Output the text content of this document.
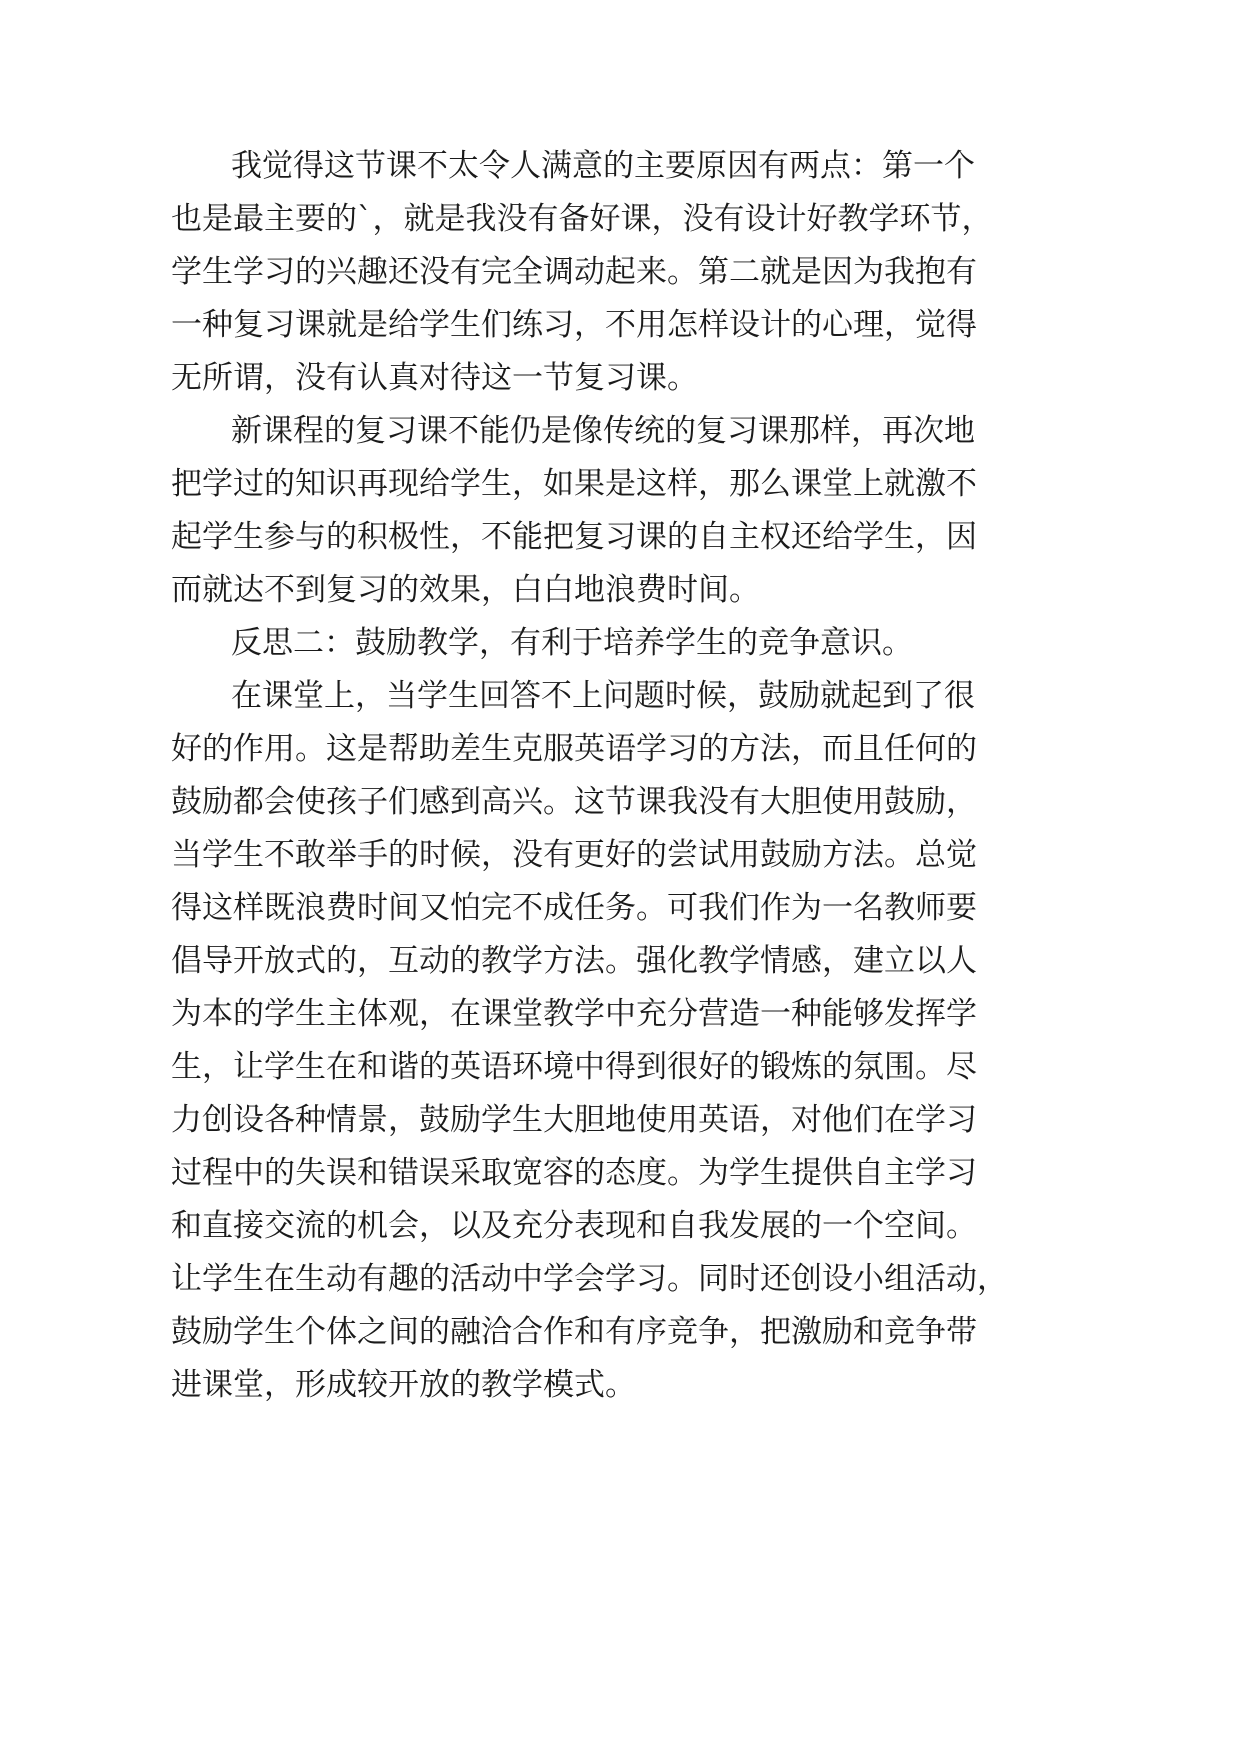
我觉得这节课不太令人满意的主要原因有两点：第一个

也是最主要的`，就是我没有备好课，没有设计好教学环节，

学生学习的兴趣还没有完全调动起来。第二就是因为我抱有

一种复习课就是给学生们练习，不用怎样设计的心理，觉得

无所谓，没有认真对待这一节复习课。

新课程的复习课不能仍是像传统的复习课那样，再次地

把学过的知识再现给学生，如果是这样，那么课堂上就激不

起学生参与的积极性，不能把复习课的自主权还给学生，因

而就达不到复习的效果，白白地浪费时间。

反思二：鼓励教学，有利于培养学生的竞争意识。

在课堂上，当学生回答不上问题时候，鼓励就起到了很

好的作用。这是帮助差生克服英语学习的方法，而且任何的

鼓励都会使孩子们感到高兴。这节课我没有大胆使用鼓励，

当学生不敢举手的时候，没有更好的尝试用鼓励方法。总觉

得这样既浪费时间又怕完不成任务。可我们作为一名教师要

倡导开放式的，互动的教学方法。强化教学情感，建立以人

为本的学生主体观，在课堂教学中充分营造一种能够发挥学

生，让学生在和谐的英语环境中得到很好的锻炼的氛围。尽

力创设各种情景，鼓励学生大胆地使用英语，对他们在学习

过程中的失误和错误采取宽容的态度。为学生提供自主学习

和直接交流的机会，以及充分表现和自我发展的一个空间。

让学生在生动有趣的活动中学会学习。同时还创设小组活动，

鼓励学生个体之间的融洽合作和有序竞争，把激励和竞争带

进课堂，形成较开放的教学模式。
